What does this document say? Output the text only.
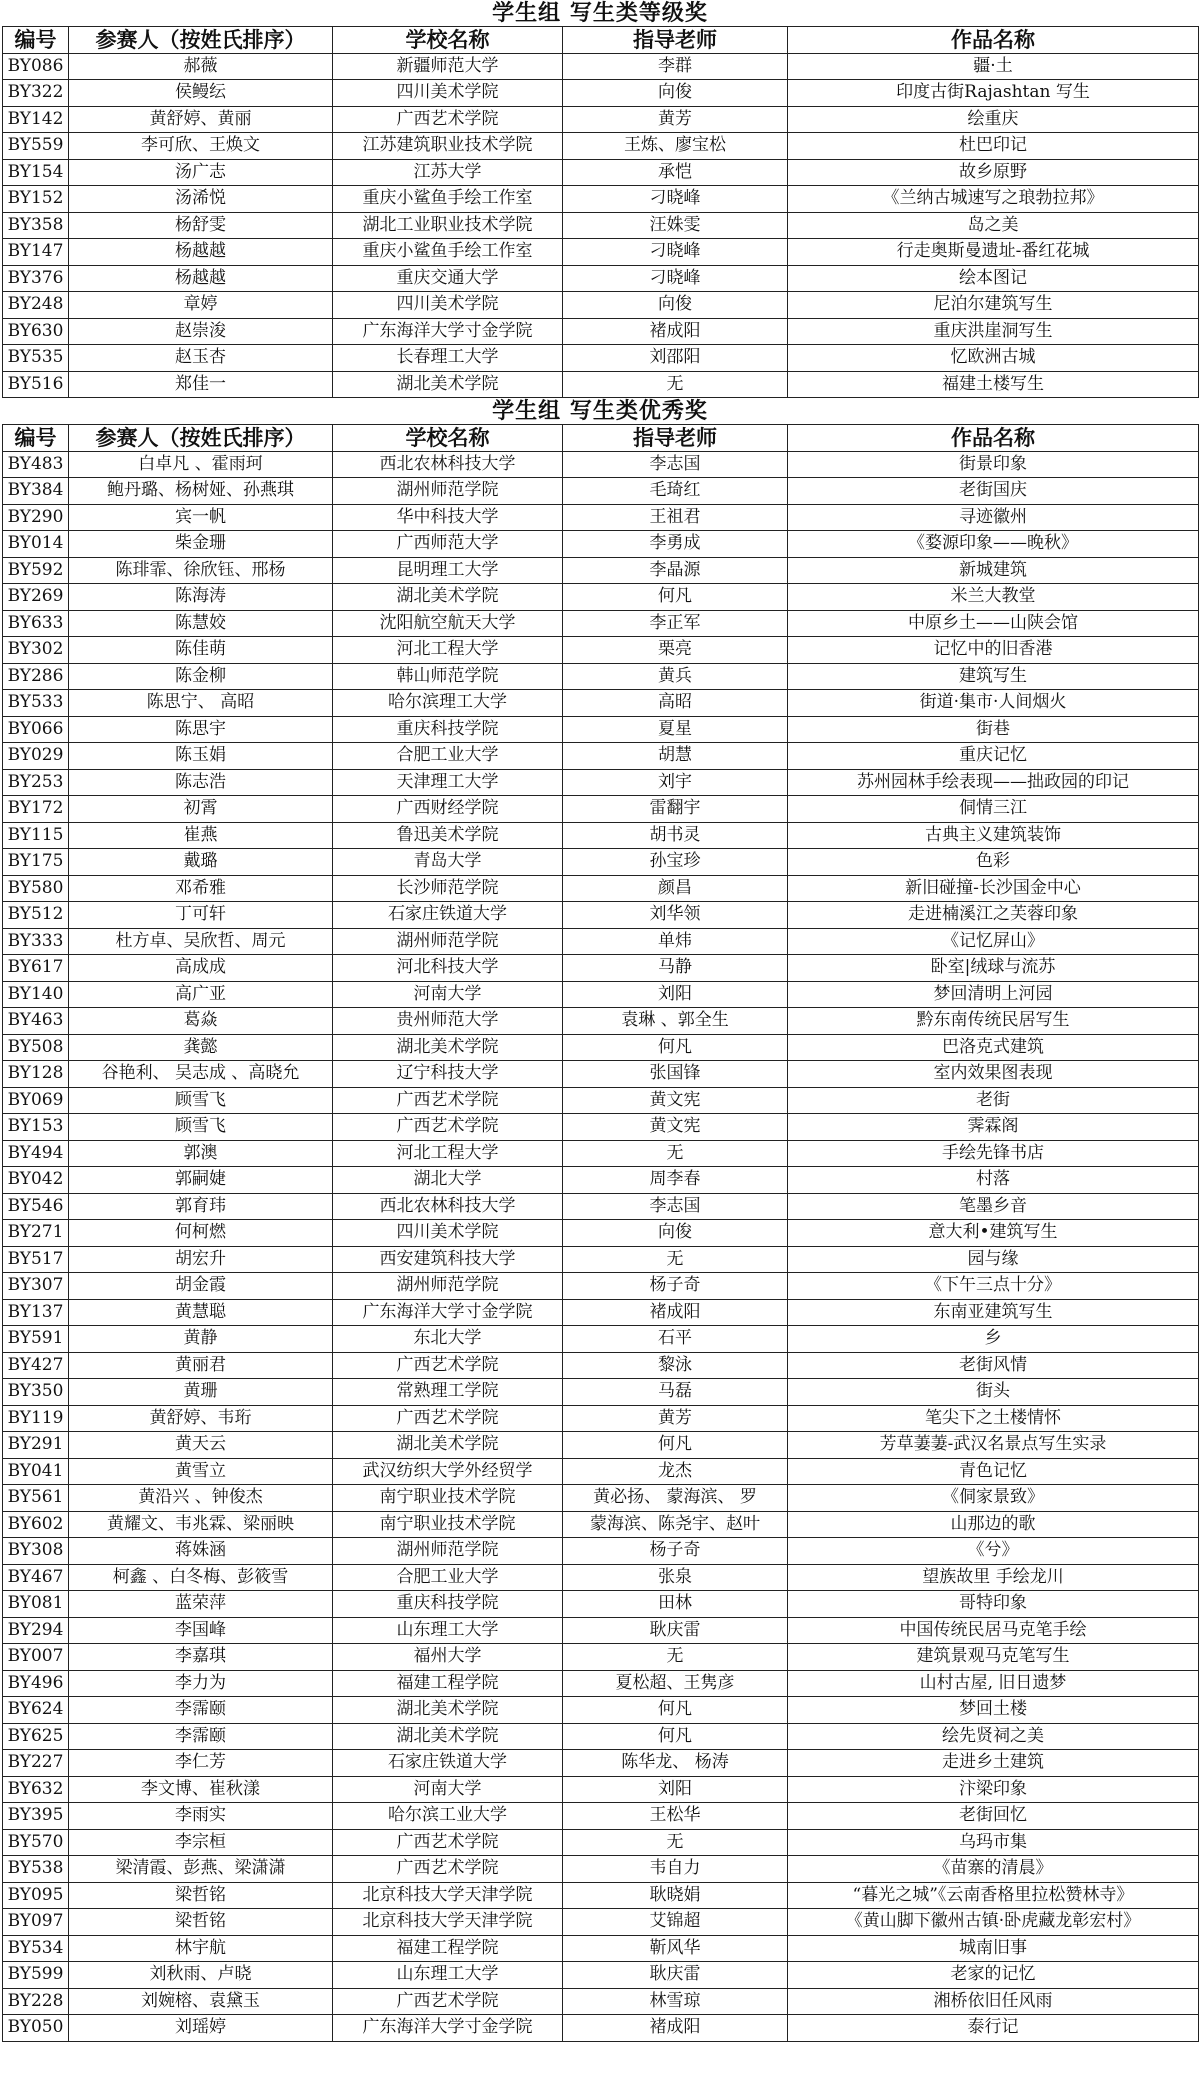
学生组 写生类等级奖
编号	参赛人（按姓氏排序）	学校名称	指导老师	作品名称
BY086	郝薇	新疆师范大学	李群	疆·土
BY322	侯鳗纭	四川美术学院	向俊	印度古街Rajashtan 写生
BY142	黄舒婷、黄丽	广西艺术学院	黄芳	绘重庆
BY559	李可欣、王焕文	江苏建筑职业技术学院	王炼、廖宝松	杜巴印记
BY154	汤广志	江苏大学	承恺	故乡原野
BY152	汤浠悦	重庆小鲨鱼手绘工作室	刁晓峰	《兰纳古城速写之琅勃拉邦》
BY358	杨舒雯	湖北工业职业技术学院	汪姝雯	岛之美
BY147	杨越越	重庆小鲨鱼手绘工作室	刁晓峰	行走奥斯曼遗址-番红花城
BY376	杨越越	重庆交通大学	刁晓峰	绘本图记
BY248	章婷	四川美术学院	向俊	尼泊尔建筑写生
BY630	赵崇浚	广东海洋大学寸金学院	褚成阳	重庆洪崖洞写生
BY535	赵玉杏	长春理工大学	刘邵阳	忆欧洲古城
BY516	郑佳一	湖北美术学院	无	福建土楼写生
学生组 写生类优秀奖
编号	参赛人（按姓氏排序）	学校名称	指导老师	作品名称
BY483	白卓凡 、霍雨珂	西北农林科技大学	李志国	街景印象
BY384	鲍丹璐、杨树娅、孙燕琪	湖州师范学院	毛琦红	老街国庆
BY290	宾一帆	华中科技大学	王祖君	寻迹徽州
BY014	柴金珊	广西师范大学	李勇成	《婺源印象——晚秋》
BY592	陈琲霏、徐欣钰、邢杨	昆明理工大学	李晶源	新城建筑
BY269	陈海涛	湖北美术学院	何凡	米兰大教堂
BY633	陈慧姣	沈阳航空航天大学	李正军	中原乡土——山陕会馆
BY302	陈佳萌	河北工程大学	栗亮	记忆中的旧香港
BY286	陈金柳	韩山师范学院	黄兵	建筑写生
BY533	陈思宁、 高昭	哈尔滨理工大学	高昭	街道·集市·人间烟火
BY066	陈思宇	重庆科技学院	夏星	街巷
BY029	陈玉娟	合肥工业大学	胡慧	重庆记忆
BY253	陈志浩	天津理工大学	刘宇	苏州园林手绘表现——拙政园的印记
BY172	初霄	广西财经学院	雷翻宇	侗情三江
BY115	崔燕	鲁迅美术学院	胡书灵	古典主义建筑装饰
BY175	戴璐	青岛大学	孙宝珍	色彩
BY580	邓希雅	长沙师范学院	颜昌	新旧碰撞-长沙国金中心
BY512	丁可轩	石家庄铁道大学	刘华领	走进楠溪江之芙蓉印象
BY333	杜方卓、吴欣哲、周元	湖州师范学院	单炜	《记忆屏山》
BY617	高成成	河北科技大学	马静	卧室|绒球与流苏
BY140	高广亚	河南大学	刘阳	梦回清明上河园
BY463	葛焱	贵州师范大学	袁琳 、郭全生	黔东南传统民居写生
BY508	龚懿	湖北美术学院	何凡	巴洛克式建筑
BY128	谷艳利、 吴志成 、高晓允	辽宁科技大学	张国锋	室内效果图表现
BY069	顾雪飞	广西艺术学院	黄文宪	老街
BY153	顾雪飞	广西艺术学院	黄文宪	霁霖阁
BY494	郭澳	河北工程大学	无	手绘先锋书店
BY042	郭嗣婕	湖北大学	周李春	村落
BY546	郭育玮	西北农林科技大学	李志国	笔墨乡音
BY271	何柯燃	四川美术学院	向俊	意大利•建筑写生
BY517	胡宏升	西安建筑科技大学	无	园与缘
BY307	胡金霞	湖州师范学院	杨子奇	《下午三点十分》
BY137	黄慧聪	广东海洋大学寸金学院	褚成阳	东南亚建筑写生
BY591	黄静	东北大学	石平	乡
BY427	黄丽君	广西艺术学院	黎泳	老街风情
BY350	黄珊	常熟理工学院	马磊	街头
BY119	黄舒婷、韦珩	广西艺术学院	黄芳	笔尖下之土楼情怀
BY291	黄天云	湖北美术学院	何凡	芳草萋萋-武汉名景点写生实录
BY041	黄雪立	武汉纺织大学外经贸学	龙杰	青色记忆
BY561	黄沿兴 、钟俊杰	南宁职业技术学院	黄必扬、 蒙海滨、 罗	《侗家景致》
BY602	黄耀文、韦兆霖、梁丽映	南宁职业技术学院	蒙海滨、陈尧宇、赵叶	山那边的歌
BY308	蒋姝涵	湖州师范学院	杨子奇	《兮》
BY467	柯鑫 、白冬梅、彭筱雪	合肥工业大学	张泉	望族故里 手绘龙川
BY081	蓝荣萍	重庆科技学院	田林	哥特印象
BY294	李国峰	山东理工大学	耿庆雷	中国传统民居马克笔手绘
BY007	李嘉琪	福州大学	无	建筑景观马克笔写生
BY496	李力为	福建工程学院	夏松超、王隽彦	山村古屋, 旧日遗梦
BY624	李霈颐	湖北美术学院	何凡	梦回土楼
BY625	李霈颐	湖北美术学院	何凡	绘先贤祠之美
BY227	李仁芳	石家庄铁道大学	陈华龙、 杨涛	走进乡土建筑
BY632	李文博、崔秋漾	河南大学	刘阳	汴梁印象
BY395	李雨实	哈尔滨工业大学	王松华	老街回忆
BY570	李宗桓	广西艺术学院	无	乌玛市集
BY538	梁清霞、彭燕、梁潇潇	广西艺术学院	韦自力	《苗寨的清晨》
BY095	梁哲铭	北京科技大学天津学院	耿晓娟	“暮光之城”《云南香格里拉松赞林寺》
BY097	梁哲铭	北京科技大学天津学院	艾锦超	《黄山脚下徽州古镇·卧虎藏龙彰宏村》
BY534	林宇航	福建工程学院	靳风华	城南旧事
BY599	刘秋雨、卢晓	山东理工大学	耿庆雷	老家的记忆
BY228	刘婉榕、袁黛玉	广西艺术学院	林雪琼	湘桥依旧任风雨
BY050	刘瑶婷	广东海洋大学寸金学院	褚成阳	泰行记
